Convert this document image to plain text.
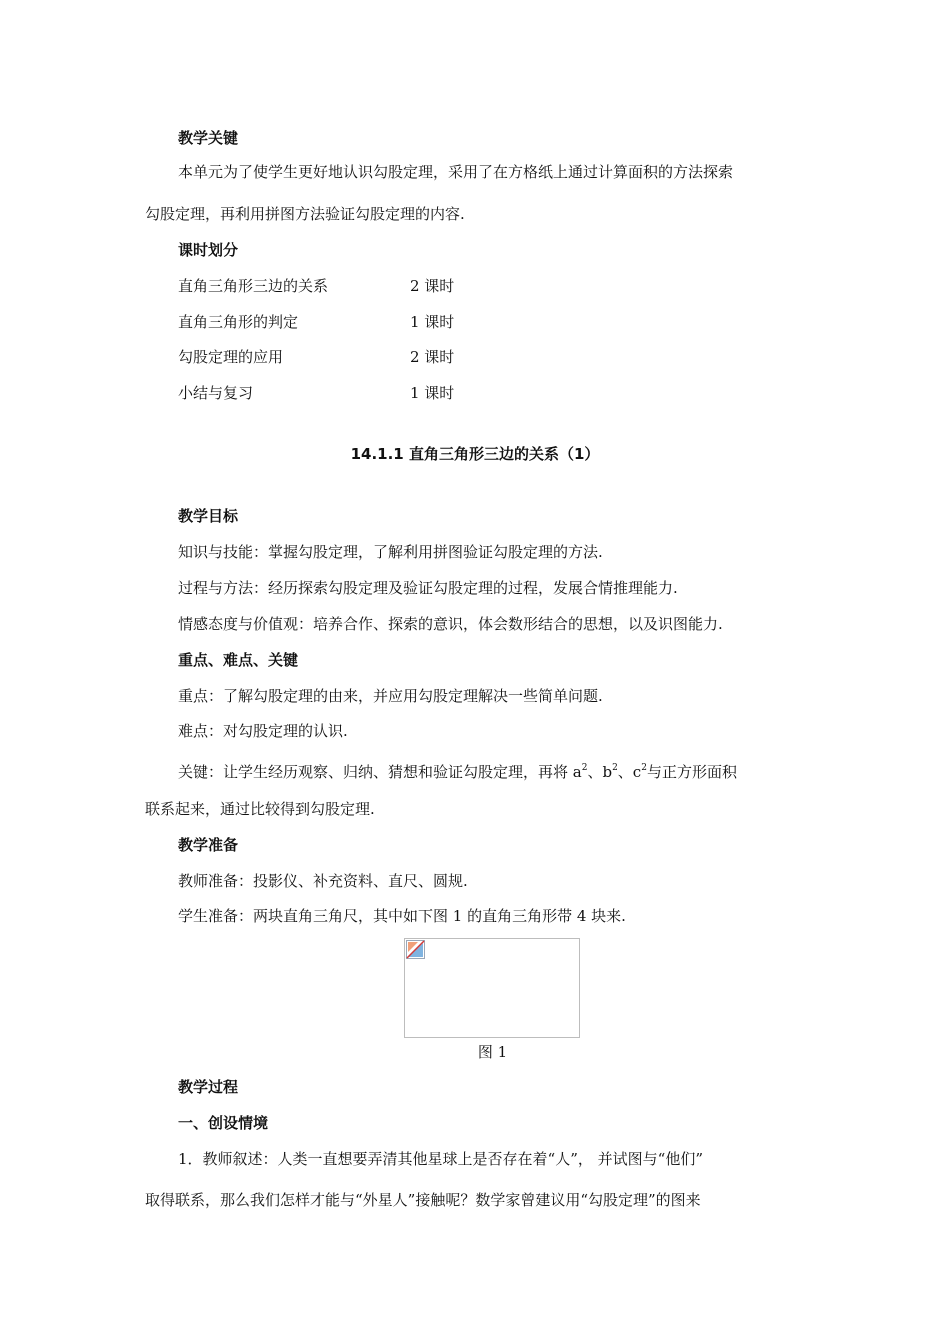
教学关键
本单元为了使学生更好地认识勾股定理，采用了在方格纸上通过计算面积的方法探索
勾股定理，再利用拼图方法验证勾股定理的内容.
课时划分
直角三角形三边的关系	2 课时
直角三角形的判定	1 课时
勾股定理的应用	2 课时
小结与复习	1 课时
14.1.1 直角三角形三边的关系（1）
教学目标
知识与技能：掌握勾股定理，了解利用拼图验证勾股定理的方法.
过程与方法：经历探索勾股定理及验证勾股定理的过程，发展合情推理能力.
情感态度与价值观：培养合作、探索的意识，体会数形结合的思想，以及识图能力.
重点、难点、关键
重点：了解勾股定理的由来，并应用勾股定理解决一些简单问题.
难点：对勾股定理的认识.
关键：让学生经历观察、归纳、猜想和验证勾股定理，再将 $a^2$、$b^2$、$c^2$与正方形面积
联系起来，通过比较得到勾股定理.
教学准备
教师准备：投影仪、补充资料、直尺、圆规.
学生准备：两块直角三角尺，其中如下图 1 的直角三角形带 4 块来.
图 1
教学过程
一、创设情境
1．教师叙述：人类一直想要弄清其他星球上是否存在着“人”， 并试图与“他们”
取得联系，那么我们怎样才能与“外星人”接触呢？数学家曾建议用“勾股定理”的图来
